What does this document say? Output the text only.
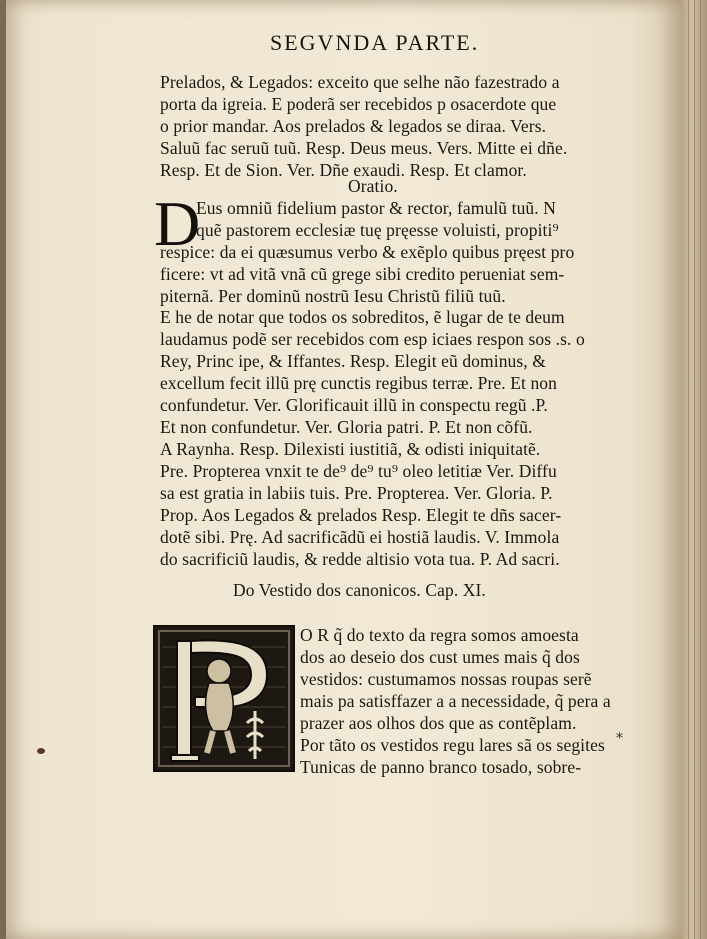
SEGVNDA PARTE.
Prelados, & Legados: exceito que selhe não fazestrado a
porta da igreia. E poderã ser recebidos p osacerdote que
o prior mandar. Aos prelados & legados se diraa. Vers.
Saluũ fac seruũ tuũ. Resp. Deus meus. Vers. Mitte ei dñe.
Resp. Et de Sion. Ver. Dñe exaudi. Resp. Et clamor.
Oratio.
D
Eus omniũ fidelium pastor & rector, famulũ tuũ. N
quẽ pastorem ecclesiæ tuę pręesse voluisti, propiti⁹
respice: da ei quæsumus verbo & exẽplo quibus pręest pro
ficere: vt ad vitã vnã cũ grege sibi credito perueniat sem-
piternã. Per dominũ nostrũ Iesu Christũ filiũ tuũ.
E he de notar que todos os sobreditos, ẽ lugar de te deum
laudamus podẽ ser recebidos com esp iciaes respon sos .s. o
Rey, Princ ipe, & Iffantes. Resp. Elegit eũ dominus, &
excellum fecit illũ prę cunctis regibus terræ. Pre. Et non
confundetur. Ver. Glorificauit illũ in conspectu regũ .P.
Et non confundetur. Ver. Gloria patri. P. Et non cõfũ.
A Raynha. Resp. Dilexisti iustitiã, & odisti iniquitatẽ.
Pre. Propterea vnxit te de⁹ de⁹ tu⁹ oleo letitiæ Ver. Diffu
sa est gratia in labiis tuis. Pre. Propterea. Ver. Gloria. P.
Prop. Aos Legados & prelados Resp. Elegit te dñs sacer-
dotẽ sibi. Prę. Ad sacrificãdũ ei hostiã laudis. V. Immola
do sacrificiũ laudis, & redde altisio vota tua. P. Ad sacri.
Do Vestido dos canonicos. Cap. XI.
P
O R q̃ do texto da regra somos amoesta
dos ao deseio dos cust umes mais q̃ dos
vestidos: custumamos nossas roupas serẽ
mais pa satisffazer a a necessidade, q̃ pera a
prazer aos olhos dos que as contẽplam.
Por tãto os vestidos regu lares sã os segites
Tunicas de panno branco tosado, sobre-
⁎
